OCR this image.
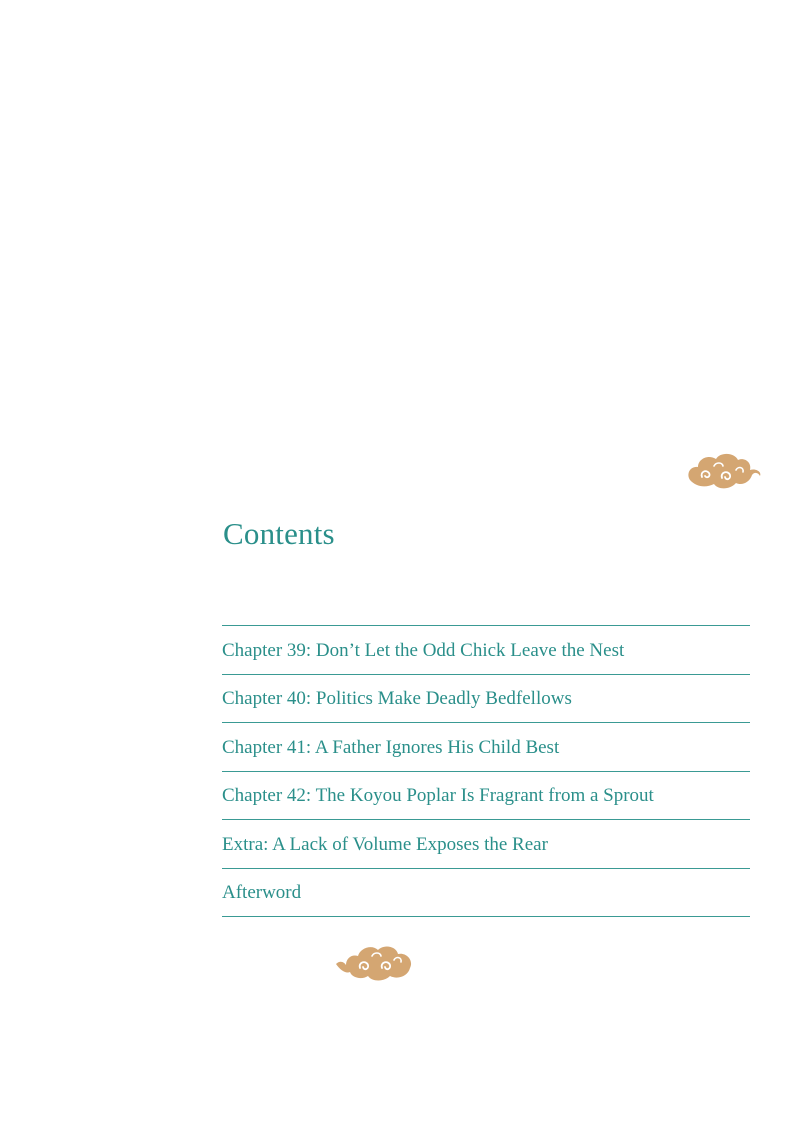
Contents
Chapter 39: Don’t Let the Odd Chick Leave the Nest
Chapter 40: Politics Make Deadly Bedfellows
Chapter 41: A Father Ignores His Child Best
Chapter 42: The Koyou Poplar Is Fragrant from a Sprout
Extra: A Lack of Volume Exposes the Rear
Afterword
